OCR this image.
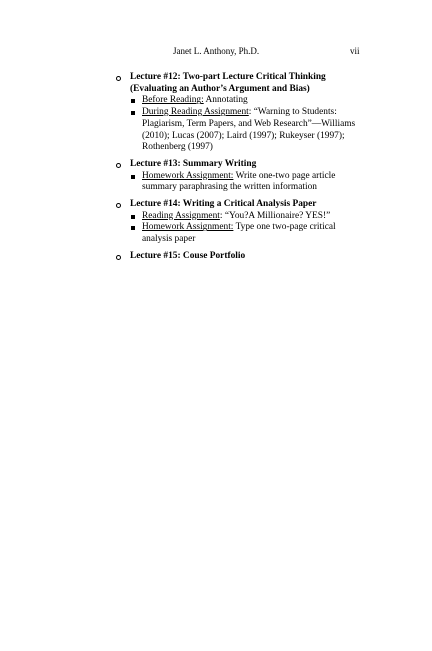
Janet L. Anthony, Ph.D.	vii
Lecture #12: Two-part Lecture Critical Thinking (Evaluating an Author’s Argument and Bias)
Before Reading: Annotating
During Reading Assignment: “Warning to Students: Plagiarism, Term Papers, and Web Research”—Williams (2010); Lucas (2007); Laird (1997); Rukeyser (1997); Rothenberg (1997)
Lecture #13: Summary Writing
Homework Assignment: Write one-two page article summary paraphrasing the written information
Lecture #14: Writing a Critical Analysis Paper
Reading Assignment: “You?A Millionaire? YES!”
Homework Assignment: Type one two-page critical analysis paper
Lecture #15: Couse Portfolio
